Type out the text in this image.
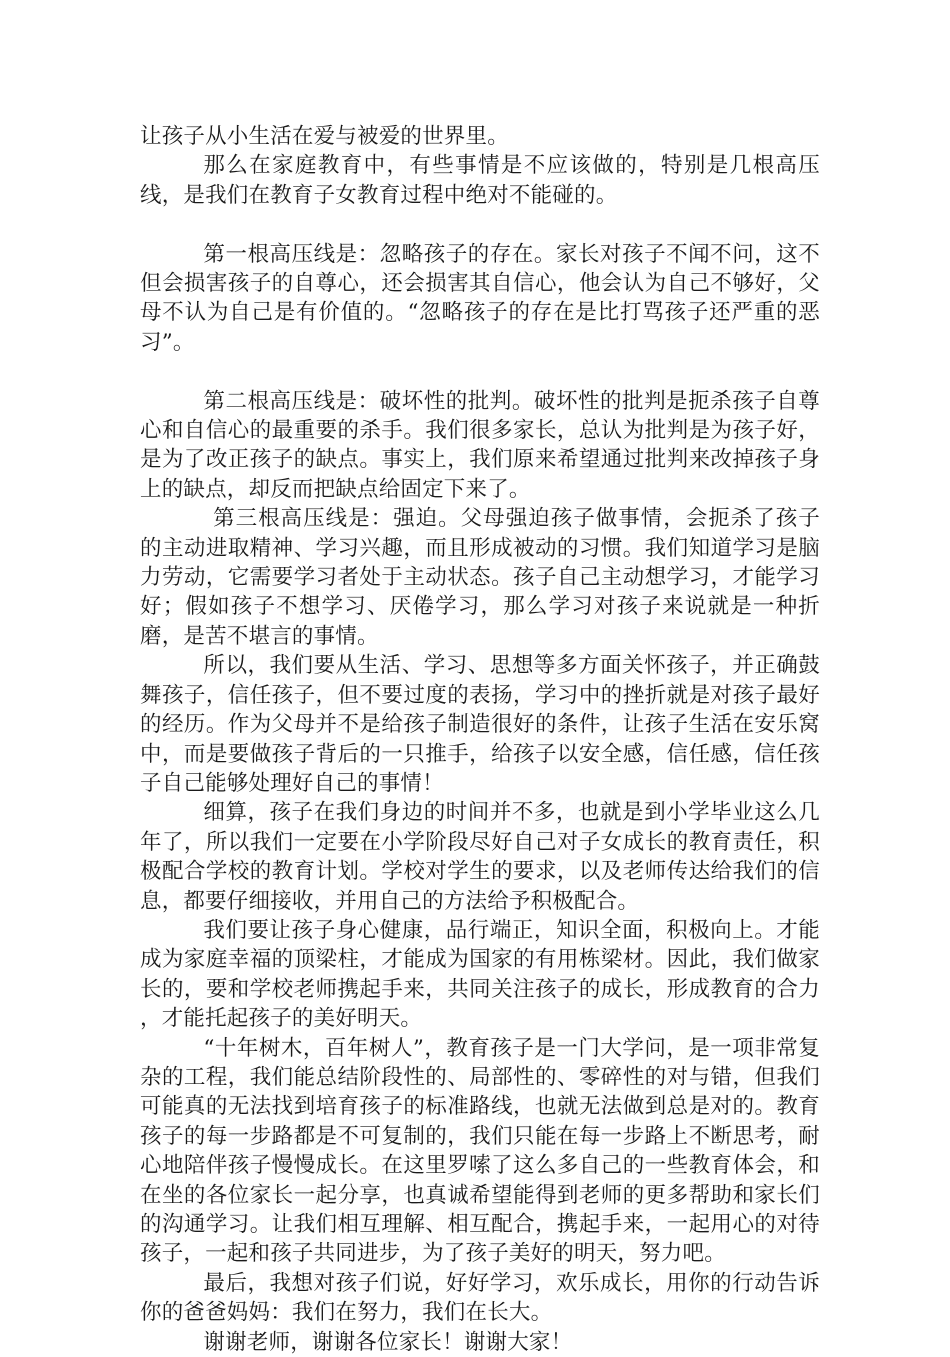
让孩子从小生活在爱与被爱的世界里。

那么在家庭教育中，有些事情是不应该做的，特别是几根高压线，是我们在教育子女教育过程中绝对不能碰的。

第一根高压线是：忽略孩子的存在。家长对孩子不闻不问，这不但会损害孩子的自尊心，还会损害其自信心，他会认为自己不够好，父母不认为自己是有价值的。“忽略孩子的存在是比打骂孩子还严重的恶习”。

第二根高压线是：破坏性的批判。破坏性的批判是扼杀孩子自尊心和自信心的最重要的杀手。我们很多家长，总认为批判是为孩子好，是为了改正孩子的缺点。事实上，我们原来希望通过批判来改掉孩子身上的缺点，却反而把缺点给固定下来了。

第三根高压线是：强迫。父母强迫孩子做事情，会扼杀了孩子的主动进取精神、学习兴趣，而且形成被动的习惯。我们知道学习是脑力劳动，它需要学习者处于主动状态。孩子自己主动想学习，才能学习好；假如孩子不想学习、厌倦学习，那么学习对孩子来说就是一种折磨，是苦不堪言的事情。

所以，我们要从生活、学习、思想等多方面关怀孩子，并正确鼓舞孩子，信任孩子，但不要过度的表扬，学习中的挫折就是对孩子最好的经历。作为父母并不是给孩子制造很好的条件，让孩子生活在安乐窝中，而是要做孩子背后的一只推手，给孩子以安全感，信任感，信任孩子自己能够处理好自己的事情！

细算，孩子在我们身边的时间并不多，也就是到小学毕业这么几年了，所以我们一定要在小学阶段尽好自己对子女成长的教育责任，积极配合学校的教育计划。学校对学生的要求，以及老师传达给我们的信息，都要仔细接收，并用自己的方法给予积极配合。

我们要让孩子身心健康，品行端正，知识全面，积极向上。才能成为家庭幸福的顶梁柱，才能成为国家的有用栋梁材。因此，我们做家长的，要和学校老师携起手来，共同关注孩子的成长，形成教育的合力 ，才能托起孩子的美好明天。

“十年树木，百年树人”，教育孩子是一门大学问，是一项非常复杂的工程，我们能总结阶段性的、局部性的、零碎性的对与错，但我们可能真的无法找到培育孩子的标准路线，也就无法做到总是对的。教育孩子的每一步路都是不可复制的，我们只能在每一步路上不断思考，耐心地陪伴孩子慢慢成长。在这里罗嗦了这么多自己的一些教育体会，和在坐的各位家长一起分享，也真诚希望能得到老师的更多帮助和家长们的沟通学习。让我们相互理解、相互配合，携起手来，一起用心的对待孩子，一起和孩子共同进步，为了孩子美好的明天，努力吧。

最后，我想对孩子们说，好好学习，欢乐成长，用你的行动告诉你的爸爸妈妈：我们在努力，我们在长大。

谢谢老师，谢谢各位家长！谢谢大家！
